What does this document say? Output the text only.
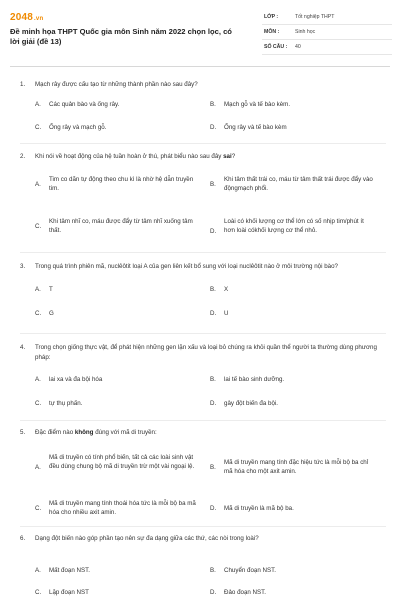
2048.vn
Đề minh họa THPT Quốc gia môn Sinh năm 2022 chọn lọc, có lời giải (đề 13)
LỚP :	Tốt nghiệp THPT
MÔN :	Sinh học
SỐ CÂU : 40
1. Mạch rây được cấu tạo từ những thành phần nào sau đây?
A. Các quản bào và ống rây.	B. Mạch gỗ và tế bào kèm.
C. Ống rây và mạch gỗ.	D. Ống rây và tế bào kèm
2. Khi nói về hoạt động của hệ tuần hoàn ở thú, phát biểu nào sau đây sai?
A.
Tim co dãn tự động theo chu kì là nhờ hệ dẫn truyền tim.
B.
Khi tâm thất trái co, máu từ tâm thất trái được đẩy vào độngmạch phổi.
C.
Khi tâm nhĩ co, máu được đẩy từ tâm nhĩ xuống tâm thất.	D.
Loài có khối lượng cơ thể lớn có số nhịp tim/phút ít hơn loài cókhối lượng cơ thể nhỏ.
3. Trong quá trình phiên mã, nuclêôtit loại A của gen liên kết bổ sung với loại nuclêôtit nào ở môi trường nội bào?
A. T	B. X
C. G	D. U
4. Trong chọn giống thực vật, để phát hiện những gen lặn xấu và loại bỏ chúng ra khỏi quần thể người ta thường dùng phương pháp:
A. lai xa và đa bội hóa	B. lai tế bào sinh dưỡng.
C. tự thụ phấn.	D. gây đột biến đa bội.
5. Đặc điểm nào không đúng với mã di truyền:
A.
Mã di truyền có tính phổ biến, tất cả các loài sinh vật đều dùng chung bộ mã di truyền trừ một vài ngoại lệ.	B.
Mã di truyền mang tính đặc hiệu tức là mỗi bộ ba chỉ mã hóa cho một axit amin.
C.
Mã di truyền mang tính thoái hóa tức là mỗi bộ ba mã hóa cho nhiều axit amin.
D. Mã di truyền là mã bộ ba.
6. Dạng đột biến nào góp phần tạo nên sự đa dạng giữa các thứ, các nòi trong loài?
A. Mất đoạn NST.	B. Chuyển đoạn NST.
C. Lặp đoạn NST	D. Đảo đoạn NST.
